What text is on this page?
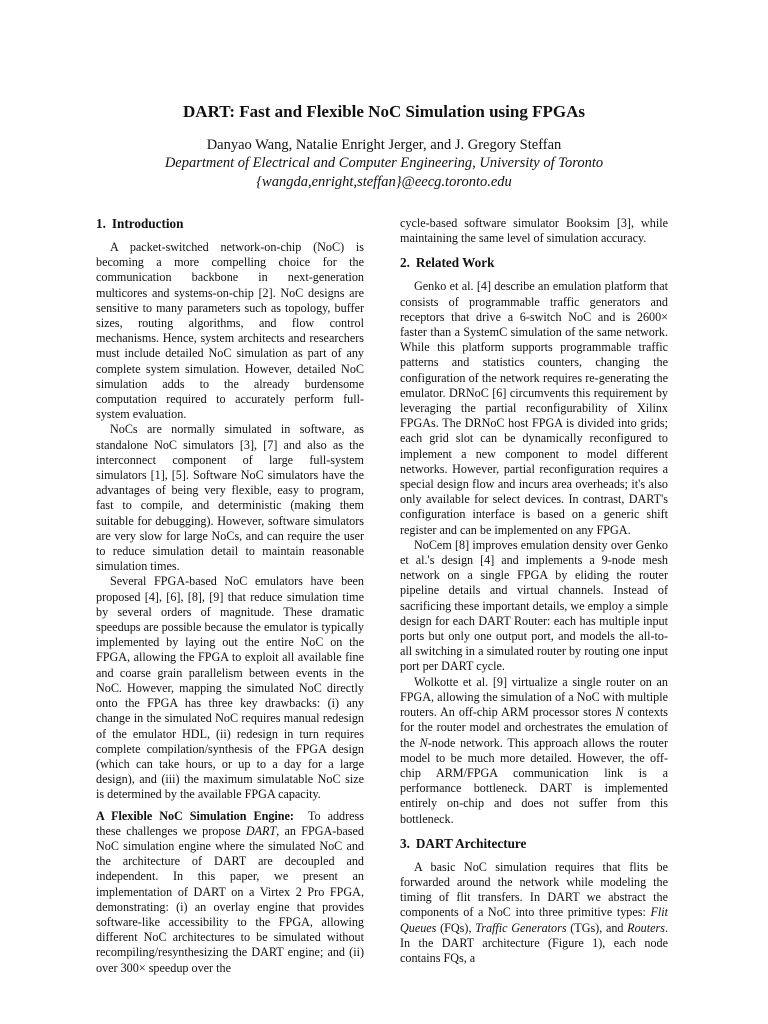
DART: Fast and Flexible NoC Simulation using FPGAs
Danyao Wang, Natalie Enright Jerger, and J. Gregory Steffan
Department of Electrical and Computer Engineering, University of Toronto
{wangda,enright,steffan}@eecg.toronto.edu
1. Introduction

A packet-switched network-on-chip (NoC) is becoming a more compelling choice for the communication backbone in next-generation multicores and systems-on-chip [2]. NoC designs are sensitive to many parameters such as topology, buffer sizes, routing algorithms, and flow control mechanisms. Hence, system architects and researchers must include detailed NoC simulation as part of any complete system simulation. However, detailed NoC simulation adds to the already burdensome computation required to accurately perform full-system evaluation.

NoCs are normally simulated in software, as standalone NoC simulators [3], [7] and also as the interconnect component of large full-system simulators [1], [5]. Software NoC simulators have the advantages of being very flexible, easy to program, fast to compile, and deterministic (making them suitable for debugging). However, software simulators are very slow for large NoCs, and can require the user to reduce simulation detail to maintain reasonable simulation times.

Several FPGA-based NoC emulators have been proposed [4], [6], [8], [9] that reduce simulation time by several orders of magnitude. These dramatic speedups are possible because the emulator is typically implemented by laying out the entire NoC on the FPGA, allowing the FPGA to exploit all available fine and coarse grain parallelism between events in the NoC. However, mapping the simulated NoC directly onto the FPGA has three key drawbacks: (i) any change in the simulated NoC requires manual redesign of the emulator HDL, (ii) redesign in turn requires complete compilation/synthesis of the FPGA design (which can take hours, or up to a day for a large design), and (iii) the maximum simulatable NoC size is determined by the available FPGA capacity.

A Flexible NoC Simulation Engine: To address these challenges we propose DART, an FPGA-based NoC simulation engine where the simulated NoC and the architecture of DART are decoupled and independent. In this paper, we present an implementation of DART on a Virtex 2 Pro FPGA, demonstrating: (i) an overlay engine that provides software-like accessibility to the FPGA, allowing different NoC architectures to be simulated without recompiling/resynthesizing the DART engine; and (ii) over 300× speedup over the

cycle-based software simulator Booksim [3], while maintaining the same level of simulation accuracy.

2. Related Work

Genko et al. [4] describe an emulation platform that consists of programmable traffic generators and receptors that drive a 6-switch NoC and is 2600× faster than a SystemC simulation of the same network. While this platform supports programmable traffic patterns and statistics counters, changing the configuration of the network requires re-generating the emulator. DRNoC [6] circumvents this requirement by leveraging the partial reconfigurability of Xilinx FPGAs. The DRNoC host FPGA is divided into grids; each grid slot can be dynamically reconfigured to implement a new component to model different networks. However, partial reconfiguration requires a special design flow and incurs area overheads; it's also only available for select devices. In contrast, DART's configuration interface is based on a generic shift register and can be implemented on any FPGA.

NoCem [8] improves emulation density over Genko et al.'s design [4] and implements a 9-node mesh network on a single FPGA by eliding the router pipeline details and virtual channels. Instead of sacrificing these important details, we employ a simple design for each DART Router: each has multiple input ports but only one output port, and models the all-to-all switching in a simulated router by routing one input port per DART cycle.

Wolkotte et al. [9] virtualize a single router on an FPGA, allowing the simulation of a NoC with multiple routers. An off-chip ARM processor stores N contexts for the router model and orchestrates the emulation of the N-node network. This approach allows the router model to be much more detailed. However, the off-chip ARM/FPGA communication link is a performance bottleneck. DART is implemented entirely on-chip and does not suffer from this bottleneck.

3. DART Architecture

A basic NoC simulation requires that flits be forwarded around the network while modeling the timing of flit transfers. In DART we abstract the components of a NoC into three primitive types: Flit Queues (FQs), Traffic Generators (TGs), and Routers. In the DART architecture (Figure 1), each node contains FQs, a
